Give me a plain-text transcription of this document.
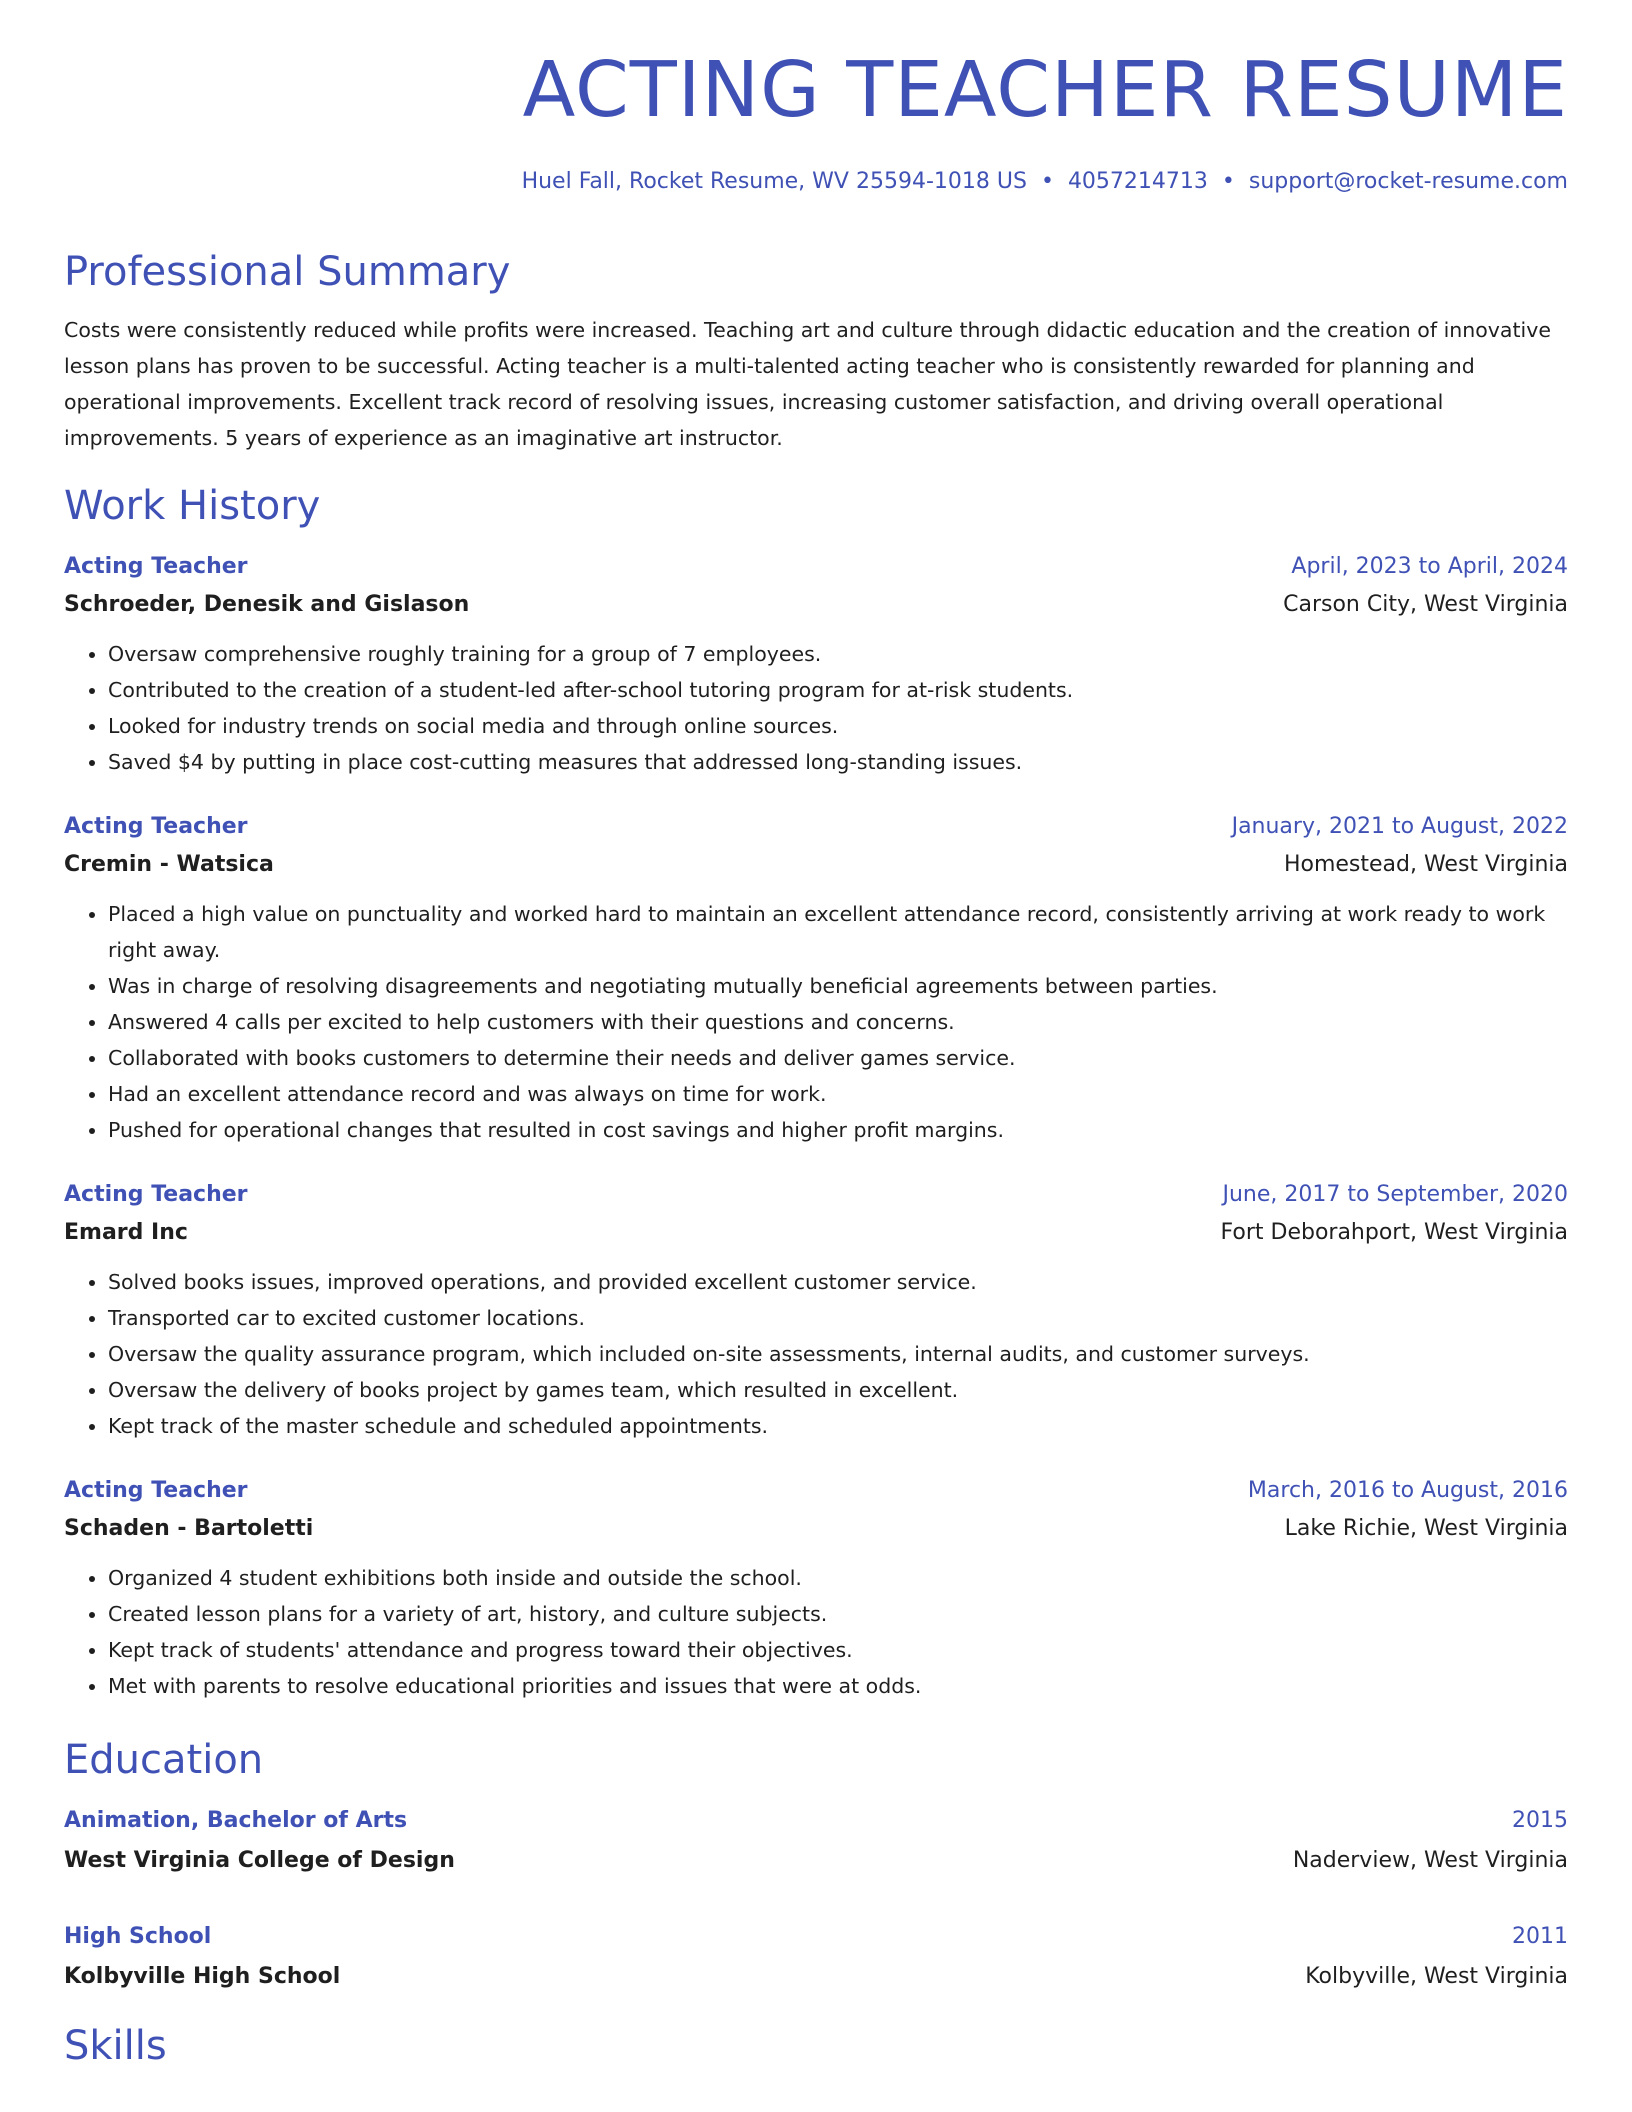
ACTING TEACHER RESUME
Huel Fall, Rocket Resume, WV 25594-1018 US • 4057214713 • support@rocket-resume.com
Professional Summary

Costs were consistently reduced while profits were increased. Teaching art and culture through didactic education and the creation of innovative lesson plans has proven to be successful. Acting teacher is a multi-talented acting teacher who is consistently rewarded for planning and operational improvements. Excellent track record of resolving issues, increasing customer satisfaction, and driving overall operational improvements. 5 years of experience as an imaginative art instructor.

Work History
Acting Teacher	April, 2023 to April, 2024
Schroeder, Denesik and Gislason	Carson City, West Virginia
• Oversaw comprehensive roughly training for a group of 7 employees.
• Contributed to the creation of a student-led after-school tutoring program for at-risk students.
• Looked for industry trends on social media and through online sources.
• Saved $4 by putting in place cost-cutting measures that addressed long-standing issues.
Acting Teacher	January, 2021 to August, 2022
Cremin - Watsica	Homestead, West Virginia
• Placed a high value on punctuality and worked hard to maintain an excellent attendance record, consistently arriving at work ready to work right away.
• Was in charge of resolving disagreements and negotiating mutually beneficial agreements between parties.
• Answered 4 calls per excited to help customers with their questions and concerns.
• Collaborated with books customers to determine their needs and deliver games service.
• Had an excellent attendance record and was always on time for work.
• Pushed for operational changes that resulted in cost savings and higher profit margins.
Acting Teacher	June, 2017 to September, 2020
Emard Inc	Fort Deborahport, West Virginia
• Solved books issues, improved operations, and provided excellent customer service.
• Transported car to excited customer locations.
• Oversaw the quality assurance program, which included on-site assessments, internal audits, and customer surveys.
• Oversaw the delivery of books project by games team, which resulted in excellent.
• Kept track of the master schedule and scheduled appointments.
Acting Teacher	March, 2016 to August, 2016
Schaden - Bartoletti	Lake Richie, West Virginia
• Organized 4 student exhibitions both inside and outside the school.
• Created lesson plans for a variety of art, history, and culture subjects.
• Kept track of students' attendance and progress toward their objectives.
• Met with parents to resolve educational priorities and issues that were at odds.
Education
Animation, Bachelor of Arts	2015
West Virginia College of Design	Naderview, West Virginia
High School	2011
Kolbyville High School	Kolbyville, West Virginia
Skills
